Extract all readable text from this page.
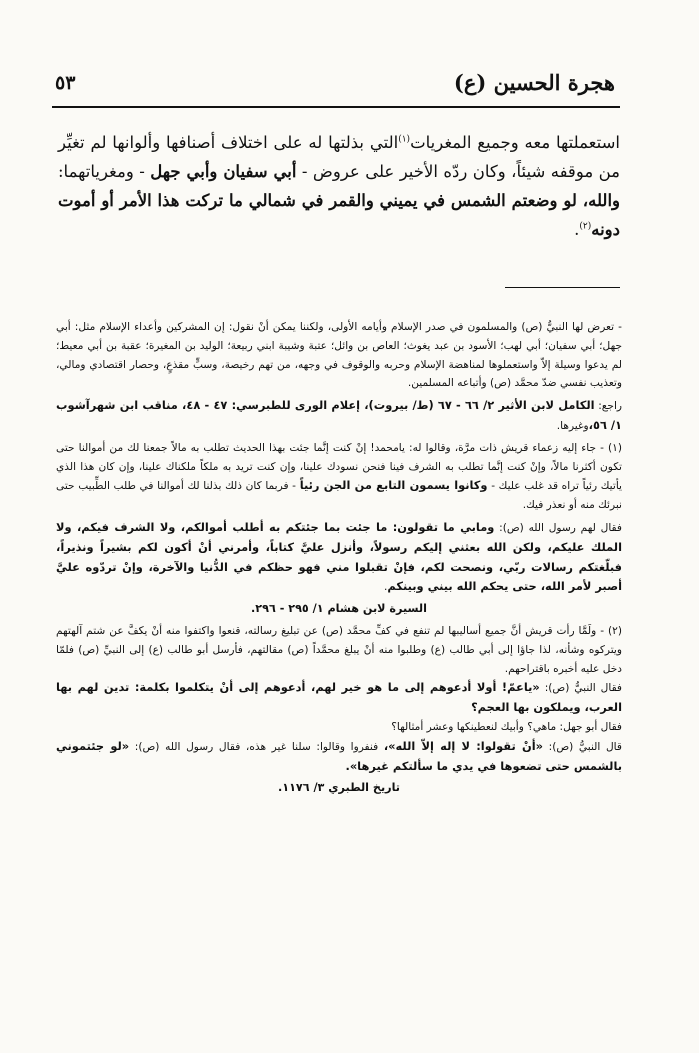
هجرة الحسين (ع)
٥٣

استعملتها معه وجميع المغريات$^{(١)}$التي بذلتها له على اختلاف أصنافها وألوانها لم تغيِّر من موقفه شيئاً، وكان ردّه الأخير على عروض - أبي سفيان وأبي جهل - ومغرياتهما: والله، لو وضعتم الشمس في يميني والقمر في شمالي ما تركت هذا الأمر أو أموت دونه$^{(٢)}$.

- تعرض لها النبيُّ (ص) والمسلمون في صدر الإسلام وأيامه الأولى، ولكننا يمكن أنْ نقول: إن المشركين وأعداء الإسلام مثل: أبي جهل؛ أبي سفيان؛ أبي لهب؛ الأسود بن عبد يغوث؛ العاص بن وائل؛ عتبة وشيبة ابني ربيعة؛ الوليد بن المغيرة؛ عقبة بن أبي معيط؛ لم يدعوا وسيلة إلاّ واستعملوها لمناهضة الإسلام وحربه والوقوف في وجهه، من تهم رخيصة، وسبٍّ مقذعٍ، وحصار اقتصادي ومالي، وتعذيب نفسي ضدّ محمَّد (ص) وأتباعه المسلمين.

راجع: الكامل لابن الأثير ٢/ ٦٦ - ٦٧ (ط/ بيروت)، إعلام الورى للطبرسي: ٤٧ - ٤٨، مناقب ابن شهرآشوب ١/ ٥٦،وغيرها.

(١) - جاء إليه زعماء قريش ذات مرَّة، وقالوا له: يامحمد! إنْ كنت إنَّما جئت بهذا الحديث تطلب به مالاً جمعنا لك من أموالنا حتى تكون أكثرنا مالاً، وإنْ كنت إنَّما تطلب به الشرف فينا فنحن نسودك علينا، وإن كنت تريد به ملكاً ملكناك علينا، وإن كان هذا الذي يأتيك رئياً تراه قد غلب عليك - وكانوا يسمون التابع من الجن رئياً - فربما كان ذلك بذلنا لك أموالنا في طلب الطِّبيب حتى نبرئك منه أو نعذر فيك.

فقال لهم رسول الله (ص): ومابي ما تقولون: ما جئت بما جئتكم به أطلب أموالكم، ولا الشرف فيكم، ولا الملك عليكم، ولكن الله بعثني إليكم رسولاً، وأنزل عليَّ كتاباً، وأمرني أنْ أكون لكم بشيراً ونذيراً، فبلّغتكم رسالات ربّي، ونصحت لكم، فإنْ تقبلوا مني فهو حظكم في الدُّنيا والآخرة، وإنْ تردّوه عليَّ أصبر لأمر الله، حتى يحكم الله بيني وبينكم.

السيرة لابن هشام ١/ ٢٩٥ - ٢٩٦.

(٢) - ولَمَّا رأت قريش أنَّ جميع أساليبها لم تنفع في كفِّ محمَّد (ص) عن تبليغ رسالته، قنعوا واكتفوا منه أنْ يكفَّ عن شتم آلهتهم ويتركوه وشأنه، لذا جاؤا إلى أبي طالب (ع) وطلبوا منه أنْ يبلغ محمَّداً (ص) مقالتهم، فأرسل أبو طالب (ع) إلى النبيِّ (ص) فلمّا دخل عليه أخبره باقتراحهم.

فقال النبيُّ (ص): «ياعمّ! أولا أدعوهم إلى ما هو خير لهم، أدعوهم إلى أنْ يتكلموا بكلمة: تدين لهم بها العرب، ويملكون بها العجم؟

فقال أبو جهل: ماهي؟ وأبيك لنعطينكها وعشر أمثالها؟

قال النبيُّ (ص): «أنْ تقولوا: لا إله إلاّ الله»، فنفروا وقالوا: سلنا غير هذه، فقال رسول الله (ص): «لو جئتموني بالشمس حتى تضعوها في يدي ما سألتكم غيرها».

تاريخ الطبري ٣/ ١١٧٦.
